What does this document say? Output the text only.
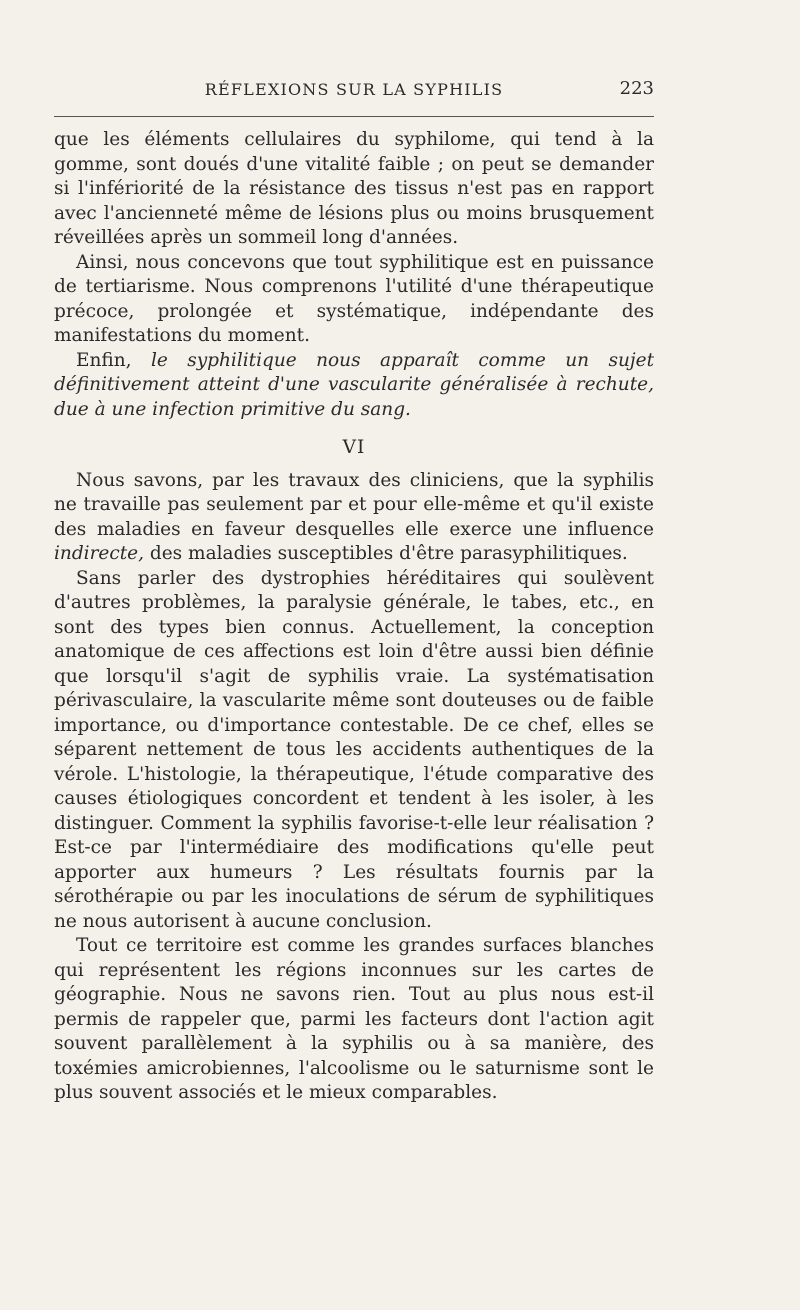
RÉFLEXIONS SUR LA SYPHILIS	223

que les éléments cellulaires du syphilome, qui tend à la gomme, sont doués d'une vitalité faible ; on peut se demander si l'infériorité de la résistance des tissus n'est pas en rapport avec l'ancienneté même de lésions plus ou moins brusquement réveillées après un sommeil long d'années.

Ainsi, nous concevons que tout syphilitique est en puissance de tertiarisme. Nous comprenons l'utilité d'une thérapeutique précoce, prolongée et systématique, indépendante des manifestations du moment.

Enfin, le syphilitique nous apparaît comme un sujet définitivement atteint d'une vascularite généralisée à rechute, due à une infection primitive du sang.

VI

Nous savons, par les travaux des cliniciens, que la syphilis ne travaille pas seulement par et pour elle-même et qu'il existe des maladies en faveur desquelles elle exerce une influence indirecte, des maladies susceptibles d'être parasyphilitiques.

Sans parler des dystrophies héréditaires qui soulèvent d'autres problèmes, la paralysie générale, le tabes, etc., en sont des types bien connus. Actuellement, la conception anatomique de ces affections est loin d'être aussi bien définie que lorsqu'il s'agit de syphilis vraie. La systématisation périvasculaire, la vascularite même sont douteuses ou de faible importance, ou d'importance contestable. De ce chef, elles se séparent nettement de tous les accidents authentiques de la vérole. L'histologie, la thérapeutique, l'étude comparative des causes étiologiques concordent et tendent à les isoler, à les distinguer. Comment la syphilis favorise-t-elle leur réalisation ? Est-ce par l'intermédiaire des modifications qu'elle peut apporter aux humeurs ? Les résultats fournis par la sérothérapie ou par les inoculations de sérum de syphilitiques ne nous autorisent à aucune conclusion.

Tout ce territoire est comme les grandes surfaces blanches qui représentent les régions inconnues sur les cartes de géographie. Nous ne savons rien. Tout au plus nous est-il permis de rappeler que, parmi les facteurs dont l'action agit souvent parallèlement à la syphilis ou à sa manière, des toxémies amicrobiennes, l'alcoolisme ou le saturnisme sont le plus souvent associés et le mieux comparables.
